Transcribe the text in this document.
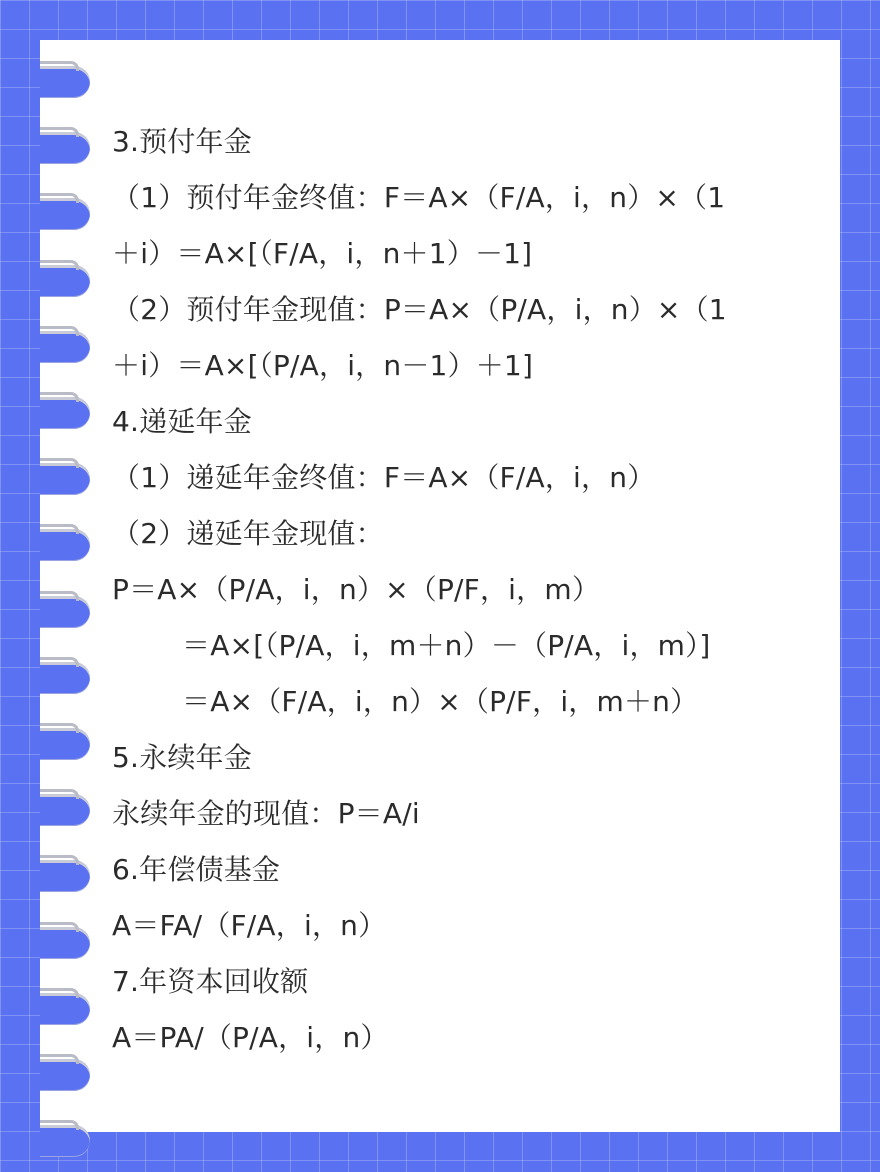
3.预付年金
（1）预付年金终值：F＝A×（F/A，i，n）×（1
＋i）＝A×[（F/A，i，n＋1）－1]
（2）预付年金现值：P＝A×（P/A，i，n）×（1
＋i）＝A×[（P/A，i，n－1）＋1]
4.递延年金
（1）递延年金终值：F＝A×（F/A，i，n）
（2）递延年金现值：
P＝A×（P/A，i，n）×（P/F，i，m）
＝A×[（P/A，i，m＋n）－（P/A，i，m）]
＝A×（F/A，i，n）×（P/F，i，m＋n）
5.永续年金
永续年金的现值：P＝A/i
6.年偿债基金
A＝FA/（F/A，i，n）
7.年资本回收额
A＝PA/（P/A，i，n）
